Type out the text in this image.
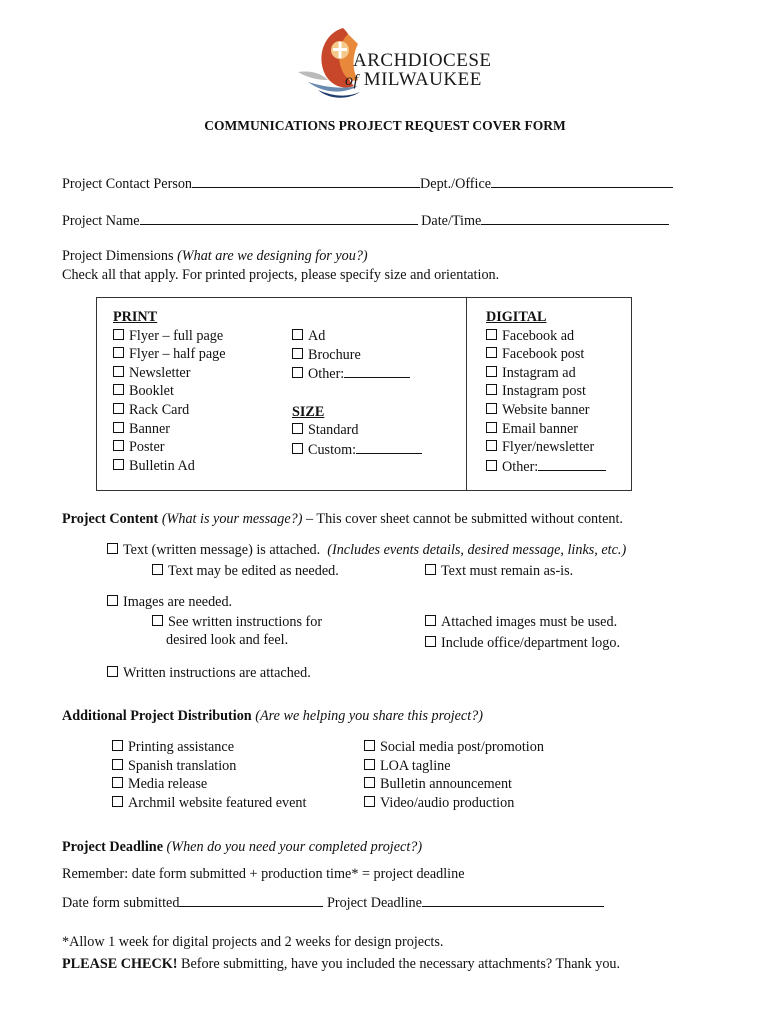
ARCHDIOCESE
of MILWAUKEE
COMMUNICATIONS PROJECT REQUEST COVER FORM
Project Contact Person	Dept./Office
Project Name	Date/Time
Project Dimensions (What are we designing for you?)
Check all that apply. For printed projects, please specify size and orientation.
PRINT
Flyer – full page
Flyer – half page
Newsletter
Booklet
Rack Card
Banner
Poster
Bulletin Ad
Ad
Brochure
Other:
SIZE
Standard
Custom:
DIGITAL
Facebook ad
Facebook post
Instagram ad
Instagram post
Website banner
Email banner
Flyer/newsletter
Other:
Project Content (What is your message?) – This cover sheet cannot be submitted without content.
Text (written message) is attached. (Includes events details, desired message, links, etc.)
Text may be edited as needed.	Text must remain as-is.
Images are needed.
See written instructions for
desired look and feel.
Attached images must be used.
Include office/department logo.
Written instructions are attached.
Additional Project Distribution (Are we helping you share this project?)
Printing assistance
Spanish translation
Media release
Archmil website featured event
Social media post/promotion
LOA tagline
Bulletin announcement
Video/audio production
Project Deadline (When do you need your completed project?)
Remember: date form submitted + production time* = project deadline
Date form submitted	Project Deadline
*Allow 1 week for digital projects and 2 weeks for design projects.
PLEASE CHECK! Before submitting, have you included the necessary attachments? Thank you.
